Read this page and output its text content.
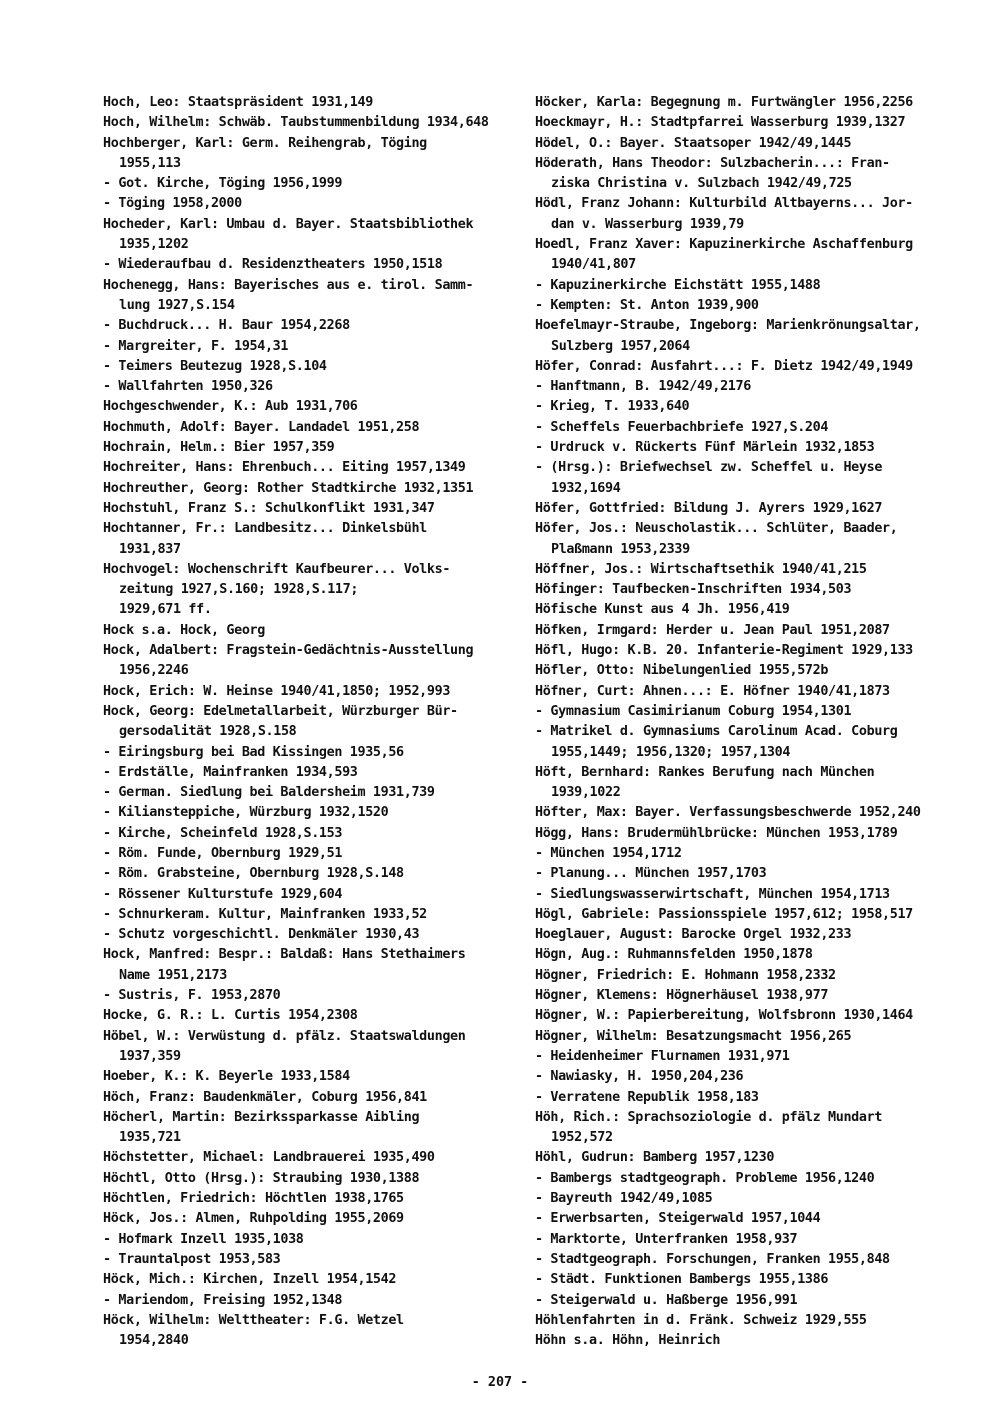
Hoch, Leo: Staatspräsident 1931,149
Hoch, Wilhelm: Schwäb. Taubstummenbildung 1934,648
Hochberger, Karl: Germ. Reihengrab, Töging
1955,113
- Got. Kirche, Töging 1956,1999
- Töging 1958,2000
Hocheder, Karl: Umbau d. Bayer. Staatsbibliothek
1935,1202
- Wiederaufbau d. Residenztheaters 1950,1518
Hochenegg, Hans: Bayerisches aus e. tirol. Samm-
lung 1927,S.154
- Buchdruck... H. Baur 1954,2268
- Margreiter, F. 1954,31
- Teimers Beutezug 1928,S.104
- Wallfahrten 1950,326
Hochgeschwender, K.: Aub 1931,706
Hochmuth, Adolf: Bayer. Landadel 1951,258
Hochrain, Helm.: Bier 1957,359
Hochreiter, Hans: Ehrenbuch... Eiting 1957,1349
Hochreuther, Georg: Rother Stadtkirche 1932,1351
Hochstuhl, Franz S.: Schulkonflikt 1931,347
Hochtanner, Fr.: Landbesitz... Dinkelsbühl
1931,837
Hochvogel: Wochenschrift Kaufbeurer... Volks-
zeitung 1927,S.160; 1928,S.117;
1929,671 ff.
Hock s.a. Hock, Georg
Hock, Adalbert: Fragstein-Gedächtnis-Ausstellung
1956,2246
Hock, Erich: W. Heinse 1940/41,1850; 1952,993
Hock, Georg: Edelmetallarbeit, Würzburger Bür-
gersodalität 1928,S.158
- Eiringsburg bei Bad Kissingen 1935,56
- Erdställe, Mainfranken 1934,593
- German. Siedlung bei Baldersheim 1931,739
- Kiliansteppiche, Würzburg 1932,1520
- Kirche, Scheinfeld 1928,S.153
- Röm. Funde, Obernburg 1929,51
- Röm. Grabsteine, Obernburg 1928,S.148
- Rössener Kulturstufe 1929,604
- Schnurkeram. Kultur, Mainfranken 1933,52
- Schutz vorgeschichtl. Denkmäler 1930,43
Hock, Manfred: Bespr.: Baldaß: Hans Stethaimers
Name 1951,2173
- Sustris, F. 1953,2870
Hocke, G. R.: L. Curtis 1954,2308
Höbel, W.: Verwüstung d. pfälz. Staatswaldungen
1937,359
Hoeber, K.: K. Beyerle 1933,1584
Höch, Franz: Baudenkmäler, Coburg 1956,841
Höcherl, Martin: Bezirkssparkasse Aibling
1935,721
Höchstetter, Michael: Landbrauerei 1935,490
Höchtl, Otto (Hrsg.): Straubing 1930,1388
Höchtlen, Friedrich: Höchtlen 1938,1765
Höck, Jos.: Almen, Ruhpolding 1955,2069
- Hofmark Inzell 1935,1038
- Trauntalpost 1953,583
Höck, Mich.: Kirchen, Inzell 1954,1542
- Mariendom, Freising 1952,1348
Höck, Wilhelm: Welttheater: F.G. Wetzel
1954,2840
Höcker, Karla: Begegnung m. Furtwängler 1956,2256
Hoeckmayr, H.: Stadtpfarrei Wasserburg 1939,1327
Hödel, O.: Bayer. Staatsoper 1942/49,1445
Höderath, Hans Theodor: Sulzbacherin...: Fran-
ziska Christina v. Sulzbach 1942/49,725
Hödl, Franz Johann: Kulturbild Altbayerns... Jor-
dan v. Wasserburg 1939,79
Hoedl, Franz Xaver: Kapuzinerkirche Aschaffenburg
1940/41,807
- Kapuzinerkirche Eichstätt 1955,1488
- Kempten: St. Anton 1939,900
Hoefelmayr-Straube, Ingeborg: Marienkrönungsaltar,
Sulzberg 1957,2064
Höfer, Conrad: Ausfahrt...: F. Dietz 1942/49,1949
- Hanftmann, B. 1942/49,2176
- Krieg, T. 1933,640
- Scheffels Feuerbachbriefe 1927,S.204
- Urdruck v. Rückerts Fünf Märlein 1932,1853
- (Hrsg.): Briefwechsel zw. Scheffel u. Heyse
1932,1694
Höfer, Gottfried: Bildung J. Ayrers 1929,1627
Höfer, Jos.: Neuscholastik... Schlüter, Baader,
Plaßmann 1953,2339
Höffner, Jos.: Wirtschaftsethik 1940/41,215
Höfinger: Taufbecken-Inschriften 1934,503
Höfische Kunst aus 4 Jh. 1956,419
Höfken, Irmgard: Herder u. Jean Paul 1951,2087
Höfl, Hugo: K.B. 20. Infanterie-Regiment 1929,133
Höfler, Otto: Nibelungenlied 1955,572b
Höfner, Curt: Ahnen...: E. Höfner 1940/41,1873
- Gymnasium Casimirianum Coburg 1954,1301
- Matrikel d. Gymnasiums Carolinum Acad. Coburg
1955,1449; 1956,1320; 1957,1304
Höft, Bernhard: Rankes Berufung nach München
1939,1022
Höfter, Max: Bayer. Verfassungsbeschwerde 1952,240
Högg, Hans: Brudermühlbrücke: München 1953,1789
- München 1954,1712
- Planung... München 1957,1703
- Siedlungswasserwirtschaft, München 1954,1713
Högl, Gabriele: Passionsspiele 1957,612; 1958,517
Hoeglauer, August: Barocke Orgel 1932,233
Högn, Aug.: Ruhmannsfelden 1950,1878
Högner, Friedrich: E. Hohmann 1958,2332
Högner, Klemens: Högnerhäusel 1938,977
Högner, W.: Papierbereitung, Wolfsbronn 1930,1464
Högner, Wilhelm: Besatzungsmacht 1956,265
- Heidenheimer Flurnamen 1931,971
- Nawiasky, H. 1950,204,236
- Verratene Republik 1958,183
Höh, Rich.: Sprachsoziologie d. pfälz Mundart
1952,572
Höhl, Gudrun: Bamberg 1957,1230
- Bambergs stadtgeograph. Probleme 1956,1240
- Bayreuth 1942/49,1085
- Erwerbsarten, Steigerwald 1957,1044
- Marktorte, Unterfranken 1958,937
- Stadtgeograph. Forschungen, Franken 1955,848
- Städt. Funktionen Bambergs 1955,1386
- Steigerwald u. Haßberge 1956,991
Höhlenfahrten in d. Fränk. Schweiz 1929,555
Höhn s.a. Höhn, Heinrich
- 207 -
